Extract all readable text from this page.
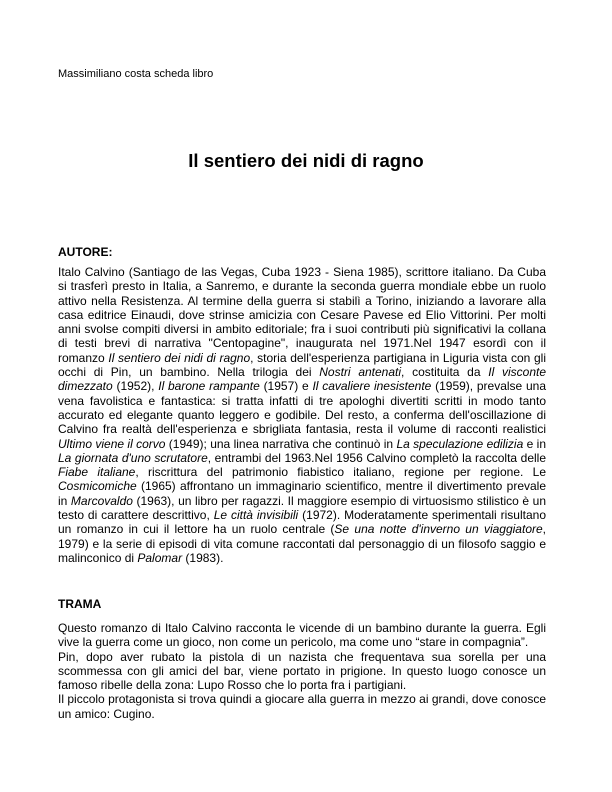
Massimiliano costa scheda libro
Il sentiero dei nidi di ragno
AUTORE:

Italo Calvino (Santiago de las Vegas, Cuba 1923 - Siena 1985), scrittore italiano. Da Cuba si trasferì presto in Italia, a Sanremo, e durante la seconda guerra mondiale ebbe un ruolo attivo nella Resistenza. Al termine della guerra si stabilì a Torino, iniziando a lavorare alla casa editrice Einaudi, dove strinse amicizia con Cesare Pavese ed Elio Vittorini. Per molti anni svolse compiti diversi in ambito editoriale; fra i suoi contributi più significativi la collana di testi brevi di narrativa "Centopagine", inaugurata nel 1971.Nel 1947 esordì con il romanzo Il sentiero dei nidi di ragno, storia dell'esperienza partigiana in Liguria vista con gli occhi di Pin, un bambino. Nella trilogia dei Nostri antenati, costituita da Il visconte dimezzato (1952), Il barone rampante (1957) e Il cavaliere inesistente (1959), prevalse una vena favolistica e fantastica: si tratta infatti di tre apologhi divertiti scritti in modo tanto accurato ed elegante quanto leggero e godibile. Del resto, a conferma dell'oscillazione di Calvino fra realtà dell'esperienza e sbrigliata fantasia, resta il volume di racconti realistici Ultimo viene il corvo (1949); una linea narrativa che continuò in La speculazione edilizia e in La giornata d'uno scrutatore, entrambi del 1963.Nel 1956 Calvino completò la raccolta delle Fiabe italiane, riscrittura del patrimonio fiabistico italiano, regione per regione. Le Cosmicomiche (1965) affrontano un immaginario scientifico, mentre il divertimento prevale in Marcovaldo (1963), un libro per ragazzi. Il maggiore esempio di virtuosismo stilistico è un testo di carattere descrittivo, Le città invisibili (1972). Moderatamente sperimentali risultano un romanzo in cui il lettore ha un ruolo centrale (Se una notte d'inverno un viaggiatore, 1979) e la serie di episodi di vita comune raccontati dal personaggio di un filosofo saggio e malinconico di Palomar (1983).

TRAMA

Questo romanzo di Italo Calvino racconta le vicende di un bambino durante la guerra. Egli vive la guerra come un gioco, non come un pericolo, ma come uno “stare in compagnia”.

Pin, dopo aver rubato la pistola di un nazista che frequentava sua sorella per una scommessa con gli amici del bar, viene portato in prigione. In questo luogo conosce un famoso ribelle della zona: Lupo Rosso che lo porta fra i partigiani.

Il piccolo protagonista si trova quindi a giocare alla guerra in mezzo ai grandi, dove conosce un amico: Cugino.
